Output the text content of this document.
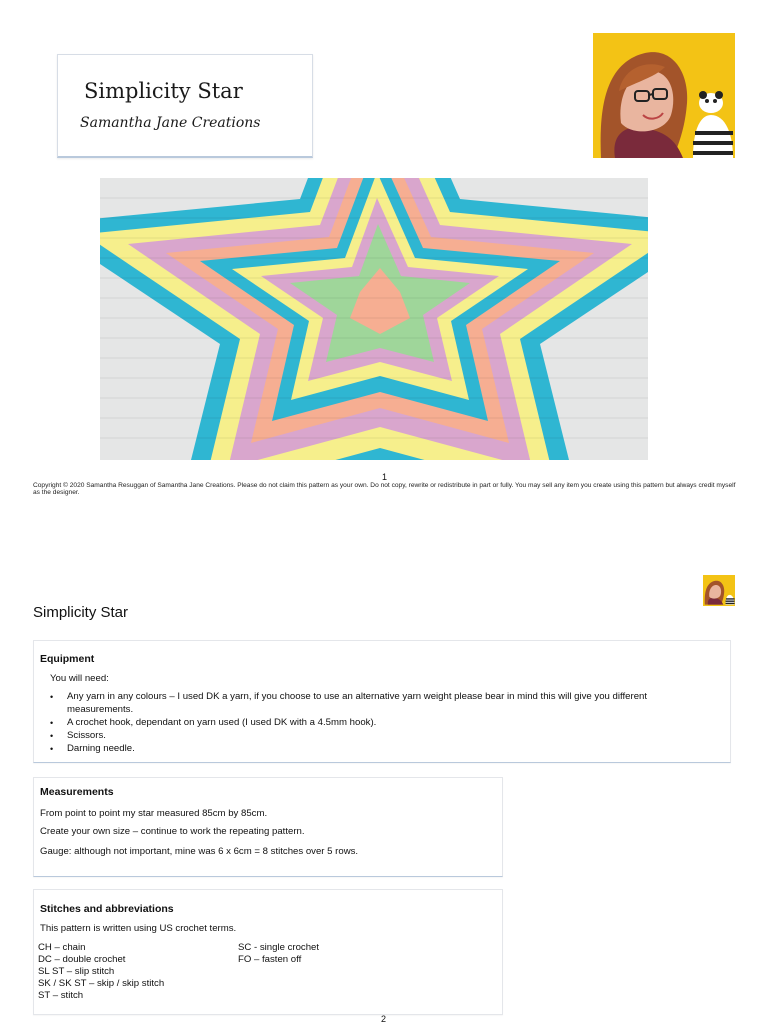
Simplicity Star
Samantha Jane Creations
1
Copyright © 2020 Samantha Resuggan of Samantha Jane Creations. Please do not claim this pattern as your own. Do not copy, rewrite or redistribute in part or fully. You may sell any item you create using this pattern but always credit myself as the designer.
Simplicity Star
Equipment
You will need:
• Any yarn in any colours – I used DK a yarn, if you choose to use an alternative yarn weight please bear in mind this will give you different measurements.
• A crochet hook, dependant on yarn used (I used DK with a 4.5mm hook).
• Scissors.
• Darning needle.
Measurements
From point to point my star measured 85cm by 85cm.
Create your own size – continue to work the repeating pattern.
Gauge: although not important, mine was 6 x 6cm = 8 stitches over 5 rows.
Stitches and abbreviations
This pattern is written using US crochet terms.
CH – chain
DC – double crochet
SL ST – slip stitch
SK / SK ST – skip / skip stitch
ST – stitch
SC - single crochet
FO – fasten off
2
